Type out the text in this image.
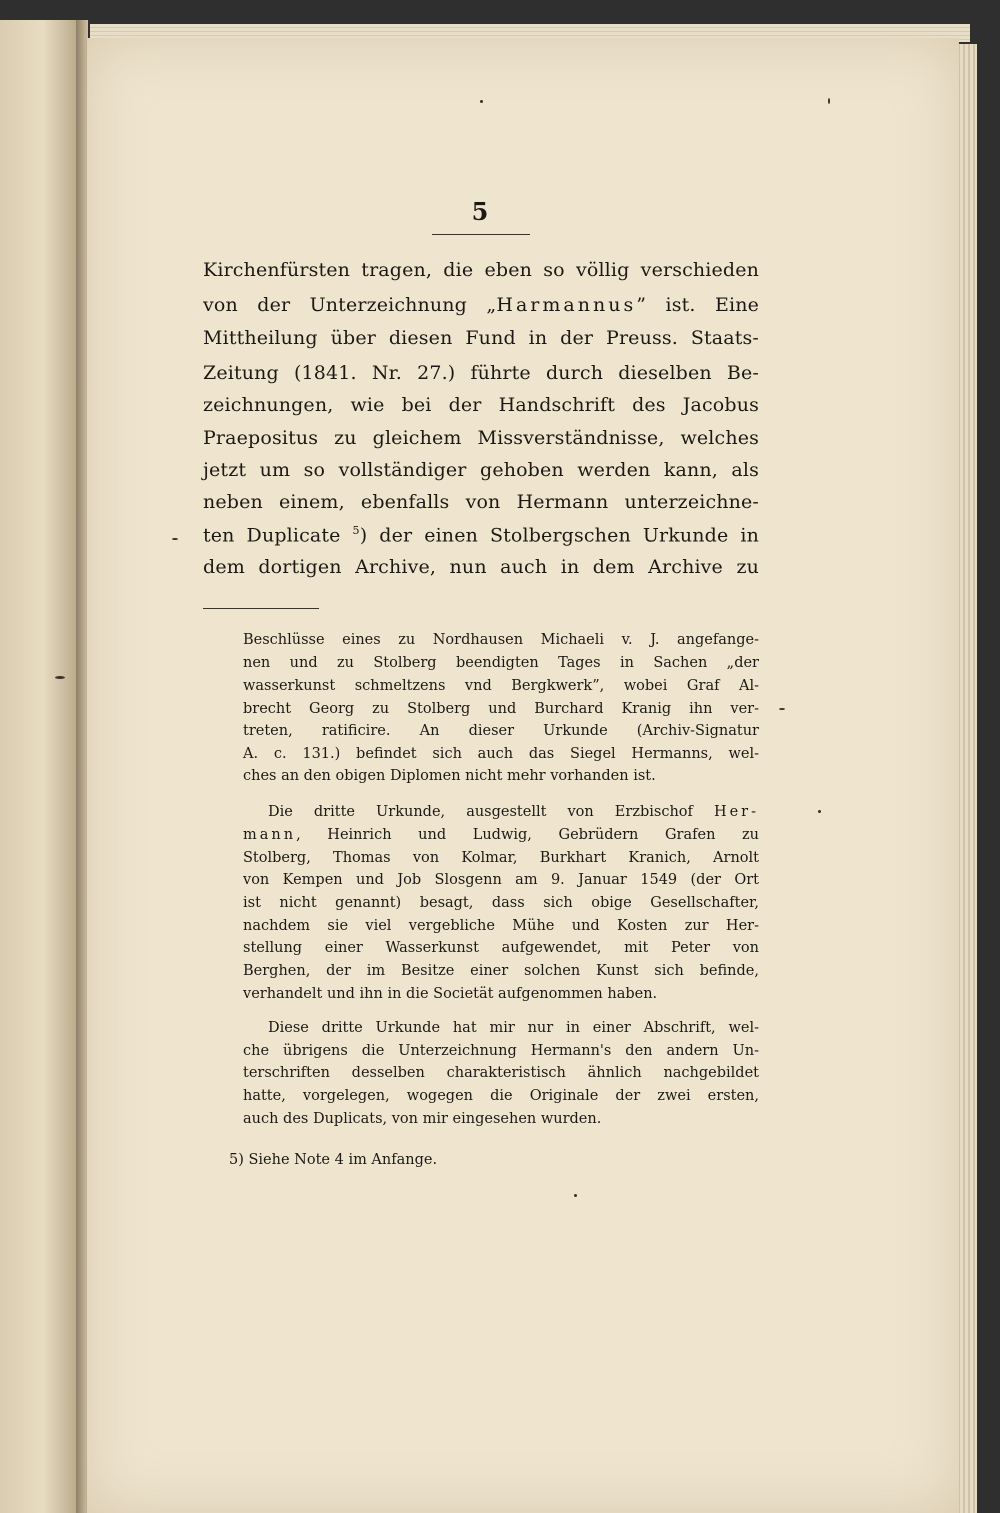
5
Kirchenfürsten tragen, die eben so völlig verschieden
von der Unterzeichnung „Harmannus” ist. Eine
Mittheilung über diesen Fund in der Preuss. Staats-
Zeitung (1841. Nr. 27.) führte durch dieselben Be-
zeichnungen, wie bei der Handschrift des Jacobus
Praepositus zu gleichem Missverständnisse, welches
jetzt um so vollständiger gehoben werden kann, als
neben einem, ebenfalls von Hermann unterzeichne-
ten Duplicate $^5$) der einen Stolbergschen Urkunde in
dem dortigen Archive, nun auch in dem Archive zu
Beschlüsse eines zu Nordhausen Michaeli v. J. angefange-
nen und zu Stolberg beendigten Tages in Sachen „der
wasserkunst schmeltzens vnd Bergkwerk”, wobei Graf Al-
brecht Georg zu Stolberg und Burchard Kranig ihn ver-
treten, ratificire. An dieser Urkunde (Archiv-Signatur
A. c. 131.) befindet sich auch das Siegel Hermanns, wel-
ches an den obigen Diplomen nicht mehr vorhanden ist.
Die dritte Urkunde, ausgestellt von Erzbischof Her-
mann, Heinrich und Ludwig, Gebrüdern Grafen zu
Stolberg, Thomas von Kolmar, Burkhart Kranich, Arnolt
von Kempen und Job Slosgenn am 9. Januar 1549 (der Ort
ist nicht genannt) besagt, dass sich obige Gesellschafter,
nachdem sie viel vergebliche Mühe und Kosten zur Her-
stellung einer Wasserkunst aufgewendet, mit Peter von
Berghen, der im Besitze einer solchen Kunst sich befinde,
verhandelt und ihn in die Societät aufgenommen haben.
Diese dritte Urkunde hat mir nur in einer Abschrift, wel-
che übrigens die Unterzeichnung Hermann's den andern Un-
terschriften desselben charakteristisch ähnlich nachgebildet
hatte, vorgelegen, wogegen die Originale der zwei ersten,
auch des Duplicats, von mir eingesehen wurden.
5) Siehe Note 4 im Anfange.
